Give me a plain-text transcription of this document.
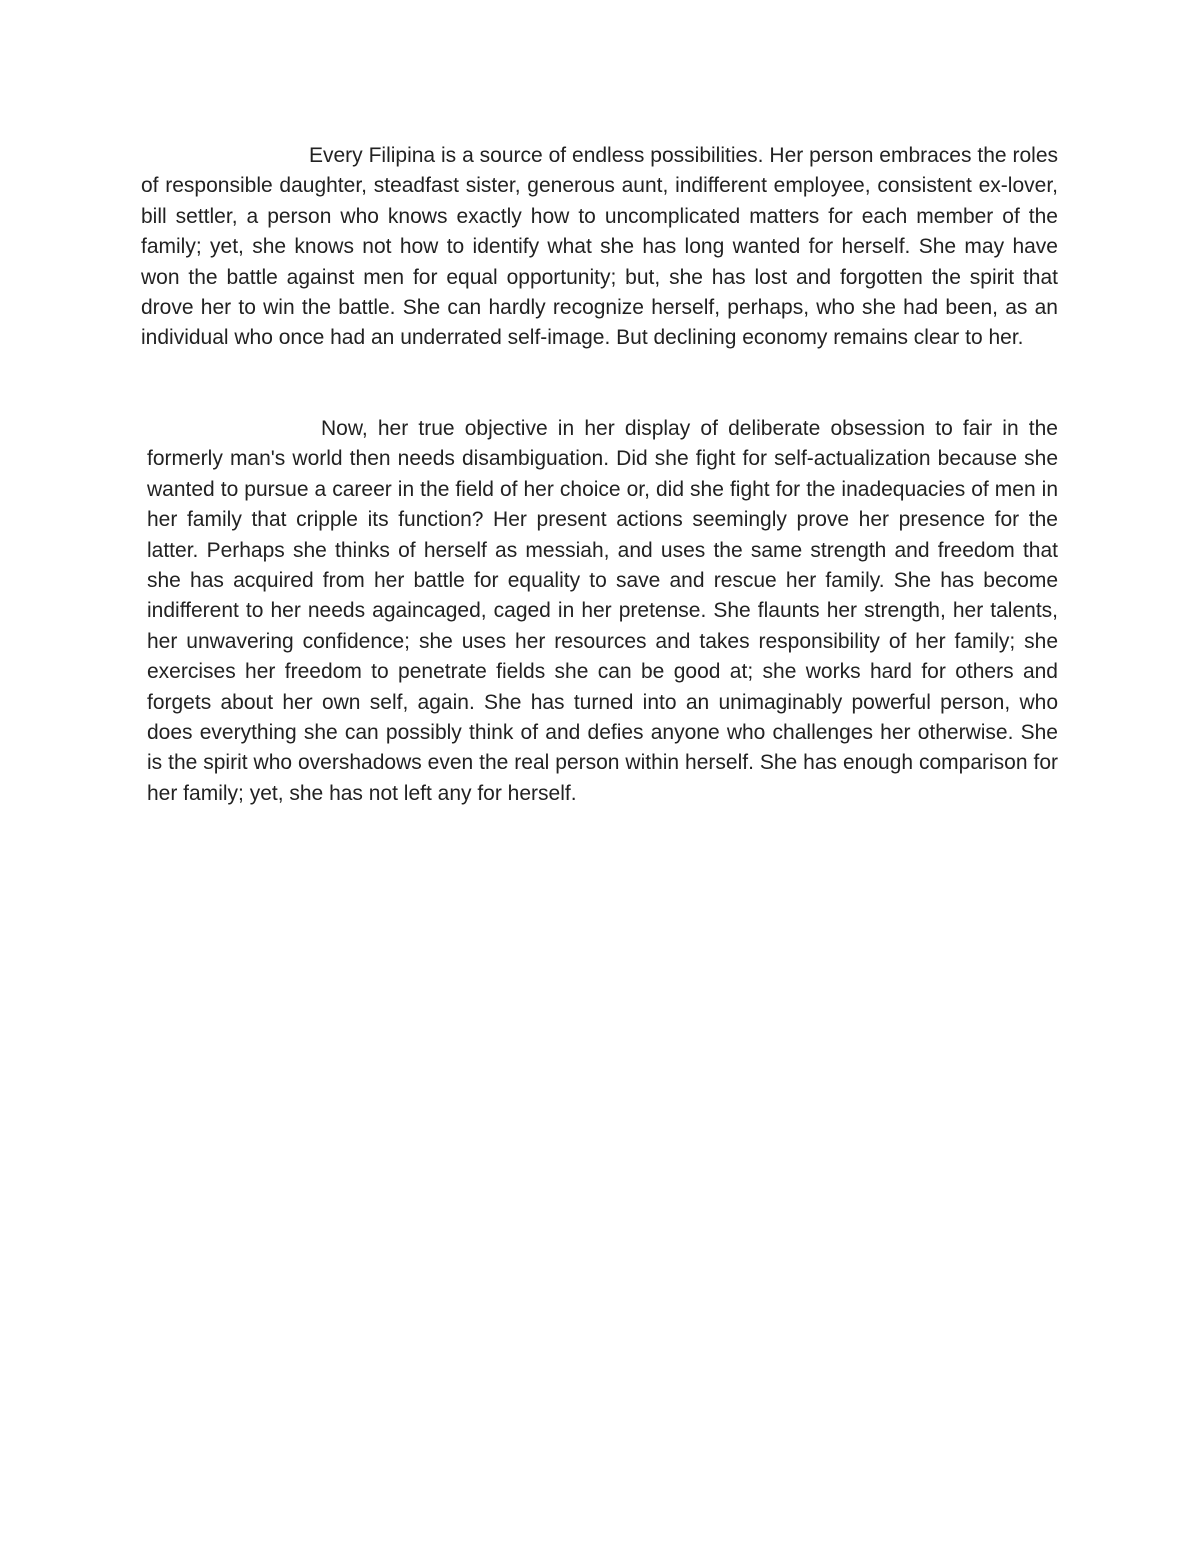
Every Filipina is a source of endless possibilities. Her person embraces the roles of responsible daughter, steadfast sister, generous aunt, indifferent employee, consistent ex-lover, bill settler, a person who knows exactly how to uncomplicated matters for each member of the family; yet, she knows not how to identify what she has long wanted for herself. She may have won the battle against men for equal opportunity; but, she has lost and forgotten the spirit that drove her to win the battle. She can hardly recognize herself, perhaps, who she had been, as an individual who once had an underrated self-image. But declining economy remains clear to her.

Now, her true objective in her display of deliberate obsession to fair in the formerly man's world then needs disambiguation. Did she fight for self-actualization because she wanted to pursue a career in the field of her choice or, did she fight for the inadequacies of men in her family that cripple its function? Her present actions seemingly prove her presence for the latter. Perhaps she thinks of herself as messiah, and uses the same strength and freedom that she has acquired from her battle for equality to save and rescue her family. She has become indifferent to her needs againcaged, caged in her pretense. She flaunts her strength, her talents, her unwavering confidence; she uses her resources and takes responsibility of her family; she exercises her freedom to penetrate fields she can be good at; she works hard for others and forgets about her own self, again. She has turned into an unimaginably powerful person, who does everything she can possibly think of and defies anyone who challenges her otherwise. She is the spirit who overshadows even the real person within herself. She has enough comparison for her family; yet, she has not left any for herself.
